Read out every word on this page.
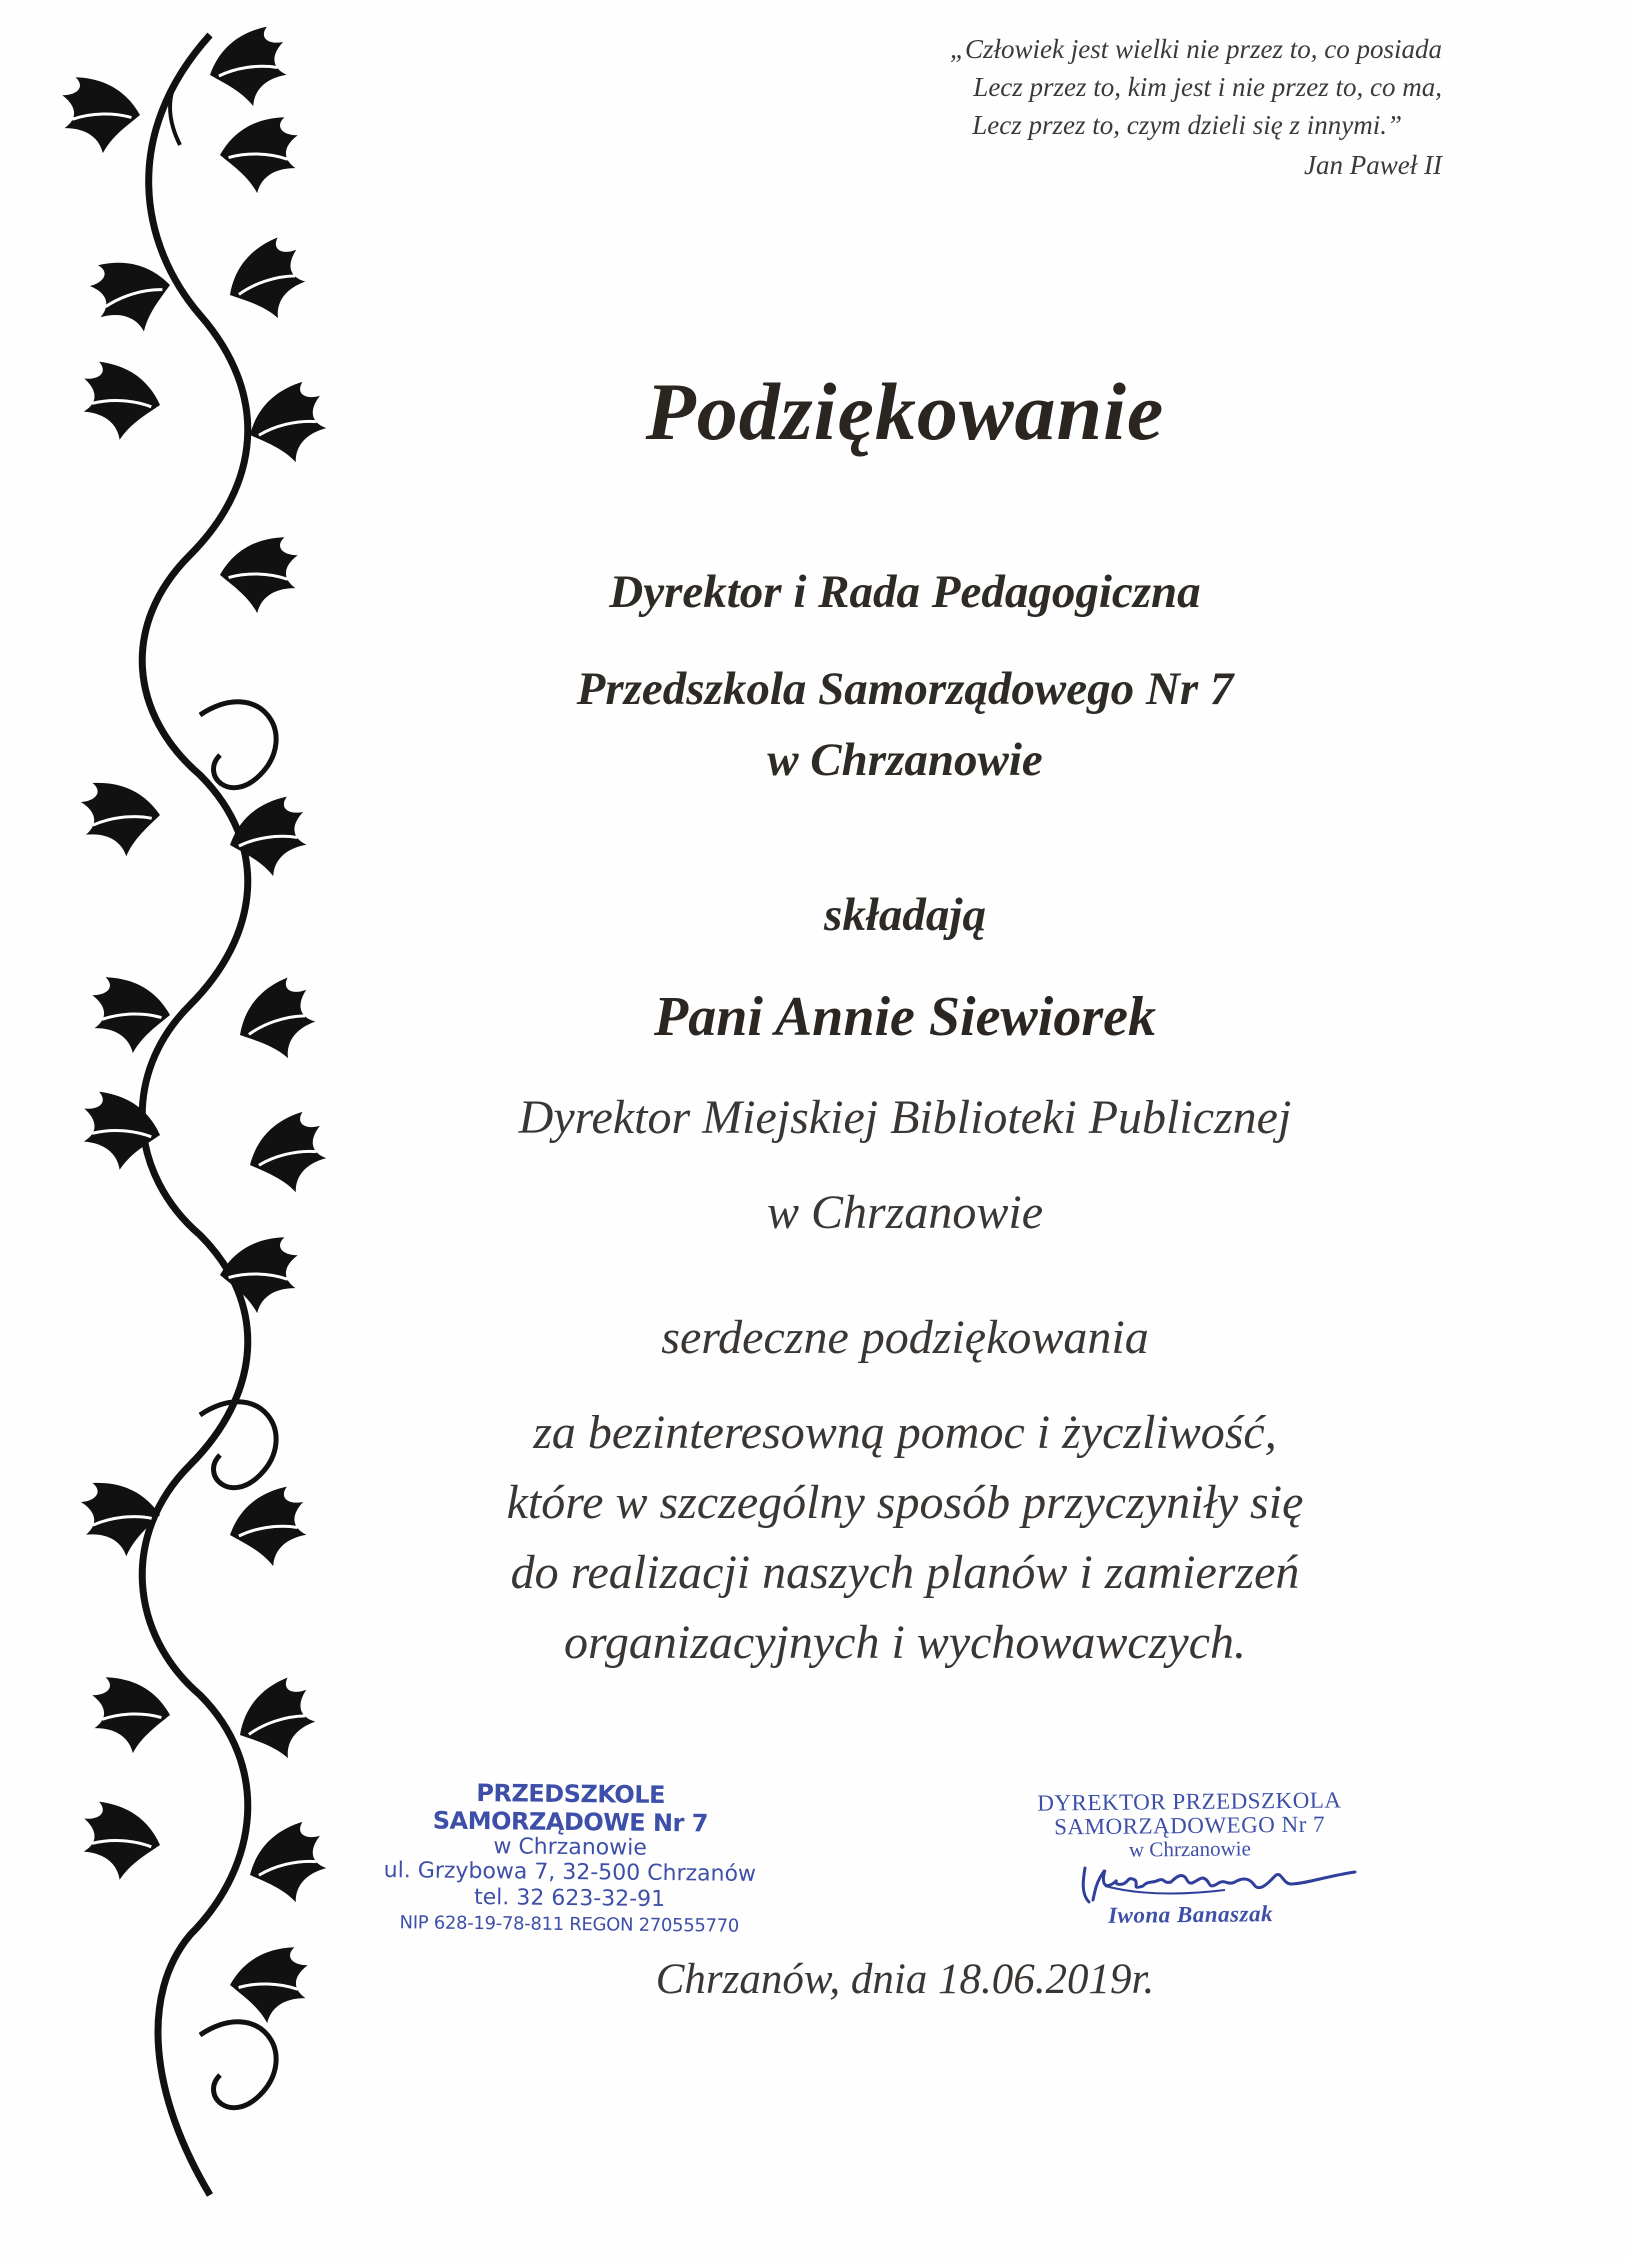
„Człowiek jest wielki nie przez to, co posiada
Lecz przez to, kim jest i nie przez to, co ma,
Lecz przez to, czym dzieli się z innymi.”
Jan Paweł II
Podziękowanie
Dyrektor i Rada Pedagogiczna
Przedszkola Samorządowego Nr 7
w Chrzanowie
składają
Pani Annie Siewiorek
Dyrektor Miejskiej Biblioteki Publicznej
w Chrzanowie
serdeczne podziękowania
za bezinteresowną pomoc i życzliwość,
które w szczególny sposób przyczyniły się
do realizacji naszych planów i zamierzeń
organizacyjnych i wychowawczych.
PRZEDSZKOLE SAMORZĄDOWE Nr 7
w Chrzanowie
ul. Grzybowa 7, 32-500 Chrzanów
tel. 32 623-32-91
NIP 628-19-78-811 REGON 270555770
DYREKTOR PRZEDSZKOLA
SAMORZĄDOWEGO Nr 7
w Chrzanowie
Iwona Banaszak
Chrzanów, dnia 18.06.2019r.
